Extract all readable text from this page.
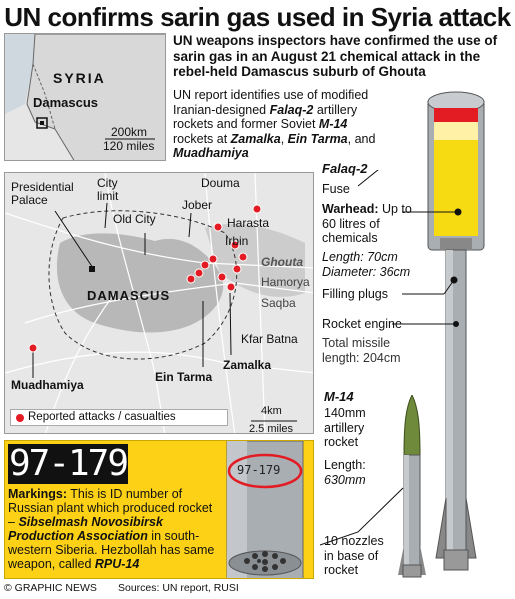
UN confirms sarin gas used in Syria attack
UN weapons inspectors have confirmed the use of sarin gas in an August 21 chemical attack in the rebel-held Damascus suburb of Ghouta
UN report identifies use of modified Iranian-designed Falaq-2 artillery rockets and former Soviet M-14 rockets at Zamalka, Ein Tarma, and Muadhamiya
SYRIA
Damascus
200km
120 miles
Presidential
Palace
City
limit
Old City
Jober
Douma
Harasta
Irbin
Ghouta
Hamorya
Saqba
DAMASCUS
Kfar Batna
Zamalka
Ein Tarma
Muadhamiya
4km
2.5 miles
Reported attacks / casualties
97-179
97-179
Markings: This is ID number of Russian plant which produced rocket – Sibselmash Novosibirsk Production Association in south-western Siberia. Hezbollah has same weapon, called RPU-14
Falaq-2
Fuse
Warhead: Up to 60 litres of chemicals
Length: 70cm
Diameter: 36cm
Filling plugs
Rocket engine
Total missile length: 204cm
M-14
140mm artillery rocket
Length:
630mm
10 nozzles in base of rocket
© GRAPHIC NEWS Sources: UN report, RUSI
